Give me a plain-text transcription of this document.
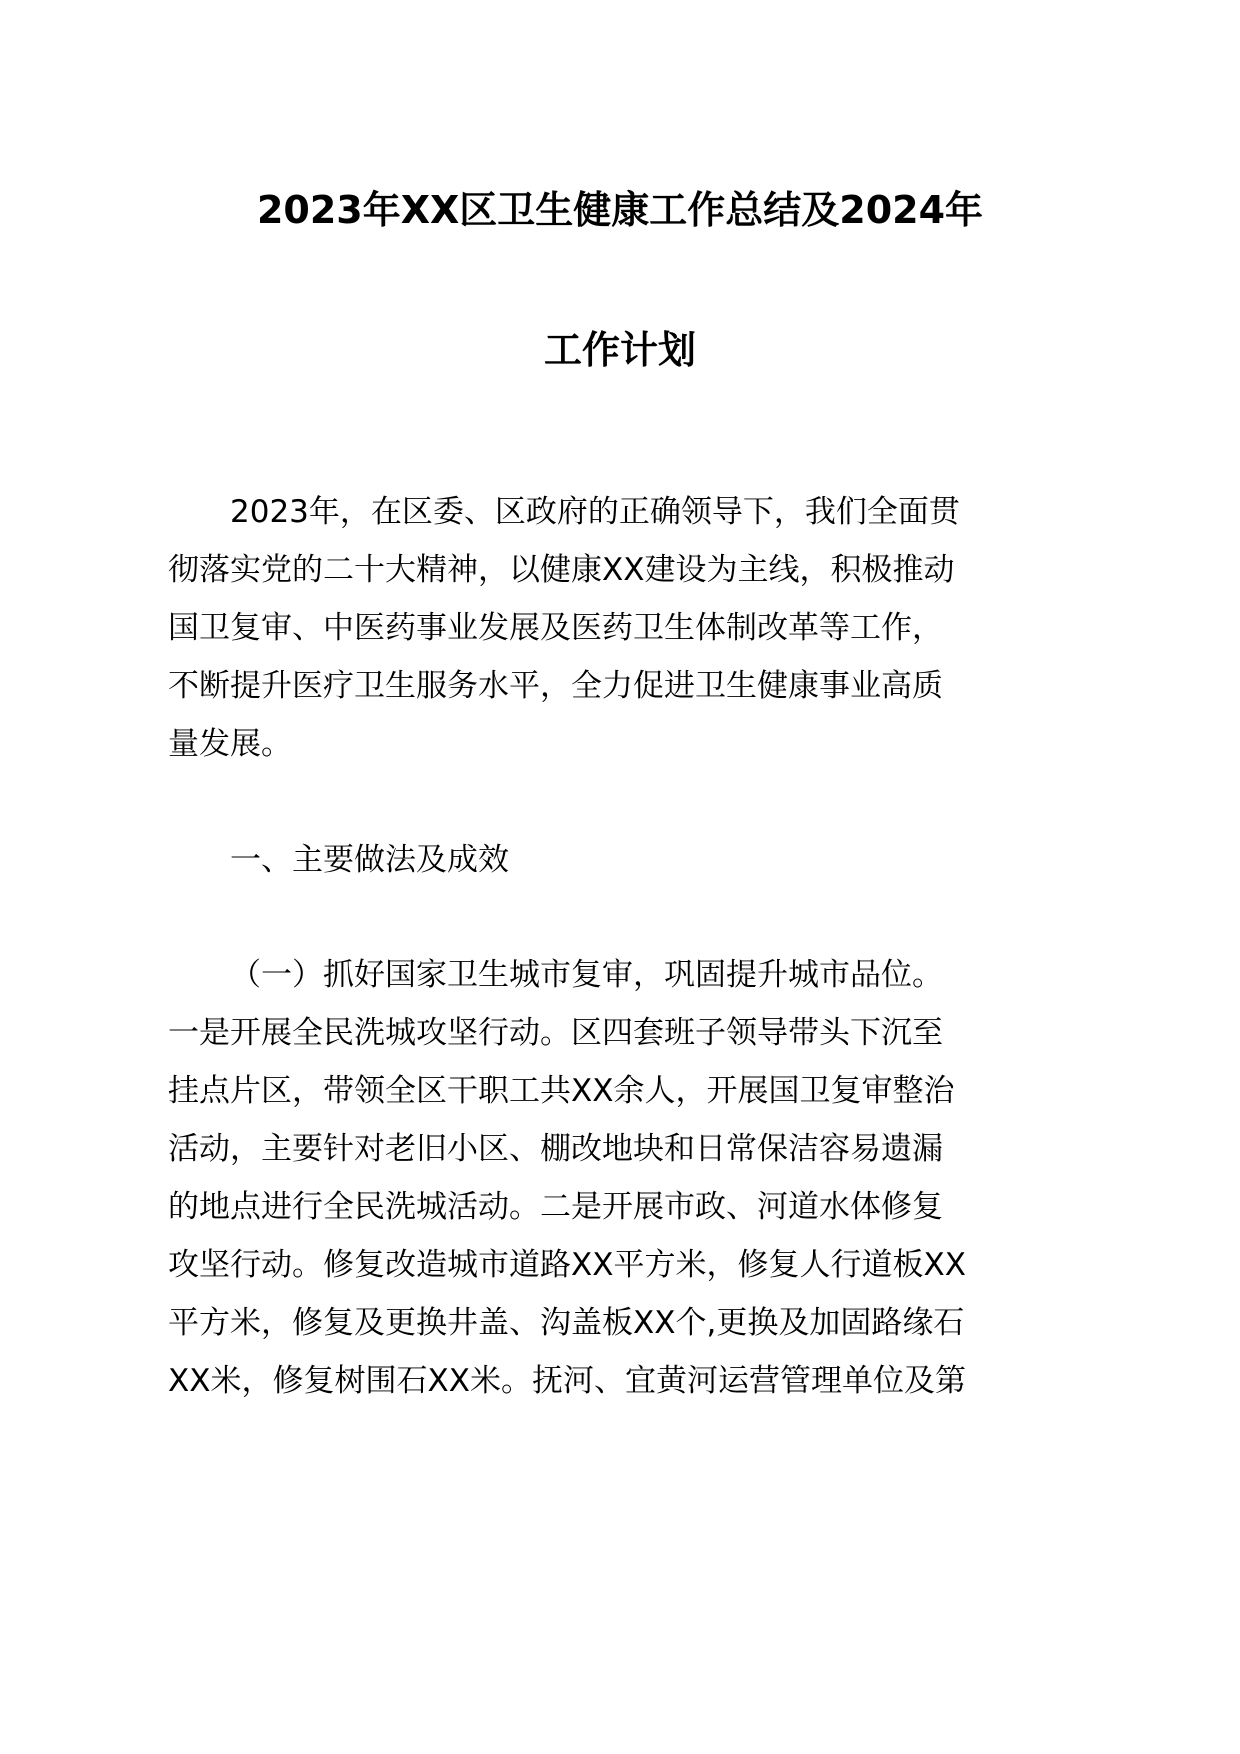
2023年XX区卫生健康工作总结及2024年
工作计划
2023年，在区委、区政府的正确领导下，我们全面贯
彻落实党的二十大精神，以健康XX建设为主线，积极推动
国卫复审、中医药事业发展及医药卫生体制改革等工作，
不断提升医疗卫生服务水平，全力促进卫生健康事业高质
量发展。
一、主要做法及成效
（一）抓好国家卫生城市复审，巩固提升城市品位。
一是开展全民洗城攻坚行动。区四套班子领导带头下沉至
挂点片区，带领全区干职工共XX余人，开展国卫复审整治
活动，主要针对老旧小区、棚改地块和日常保洁容易遗漏
的地点进行全民洗城活动。二是开展市政、河道水体修复
攻坚行动。修复改造城市道路XX平方米，修复人行道板XX
平方米，修复及更换井盖、沟盖板XX个,更换及加固路缘石
XX米，修复树围石XX米。抚河、宜黄河运营管理单位及第
